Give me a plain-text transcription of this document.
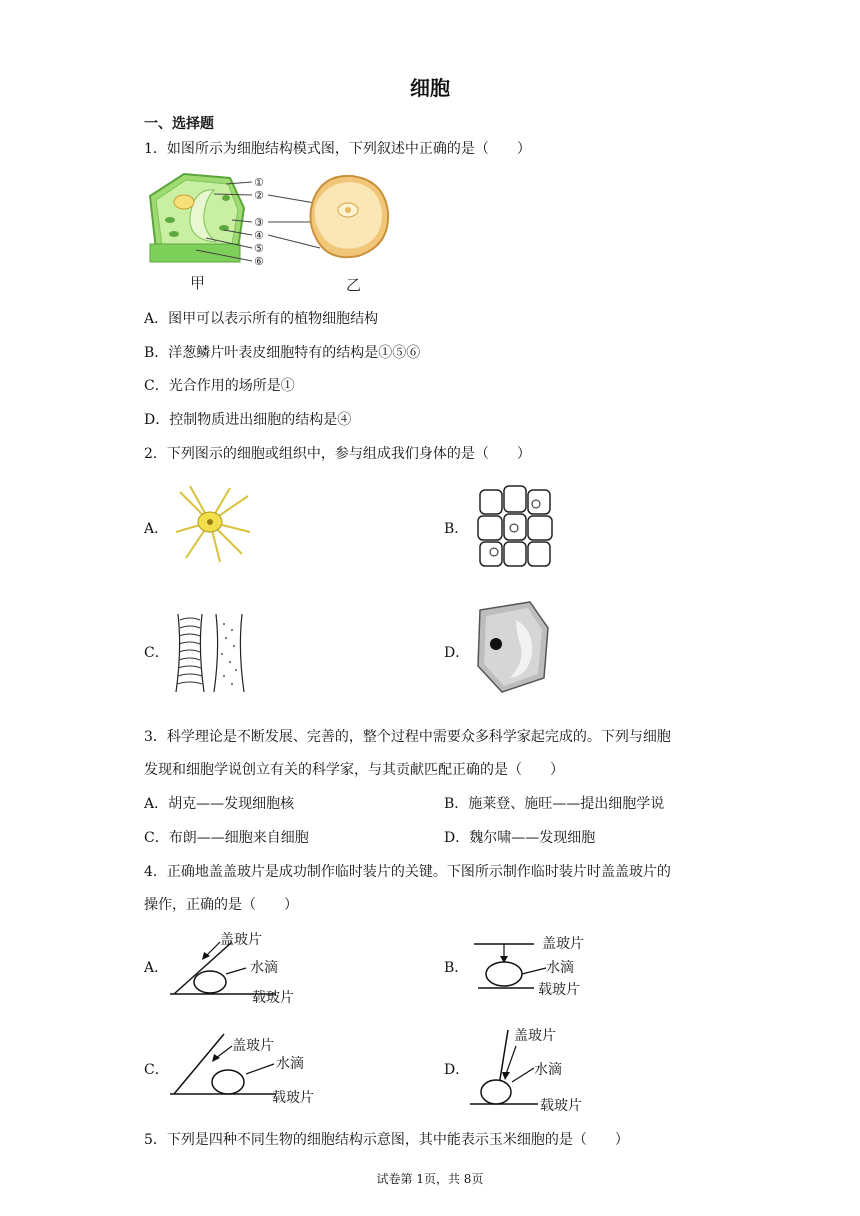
细胞
一、选择题
1．如图所示为细胞结构模式图，下列叙述中正确的是（　　）
①
②
③
④
⑤
⑥
甲	乙
A．图甲可以表示所有的植物细胞结构
B．洋葱鳞片叶表皮细胞特有的结构是①⑤⑥
C．光合作用的场所是①
D．控制物质进出细胞的结构是④
2．下列图示的细胞或组织中，参与组成我们身体的是（　　）
A．	B．
C．	D．
3．科学理论是不断发展、完善的，整个过程中需要众多科学家起完成的。下列与细胞
发现和细胞学说创立有关的科学家，与其贡献匹配正确的是（　　）
A．胡克——发现细胞核	B．施莱登、施旺——提出细胞学说
C．布朗——细胞来自细胞	D．魏尔啸——发现细胞
4．正确地盖盖玻片是成功制作临时装片的关键。下图所示制作临时装片时盖盖玻片的
操作，正确的是（　　）
A．
盖玻片
水滴
载玻片
B．
盖玻片
水滴
载玻片
C．
盖玻片
水滴
载玻片
D．
盖玻片
水滴
载玻片
5．下列是四种不同生物的细胞结构示意图，其中能表示玉米细胞的是（　　）
试卷第 1页，共 8页
